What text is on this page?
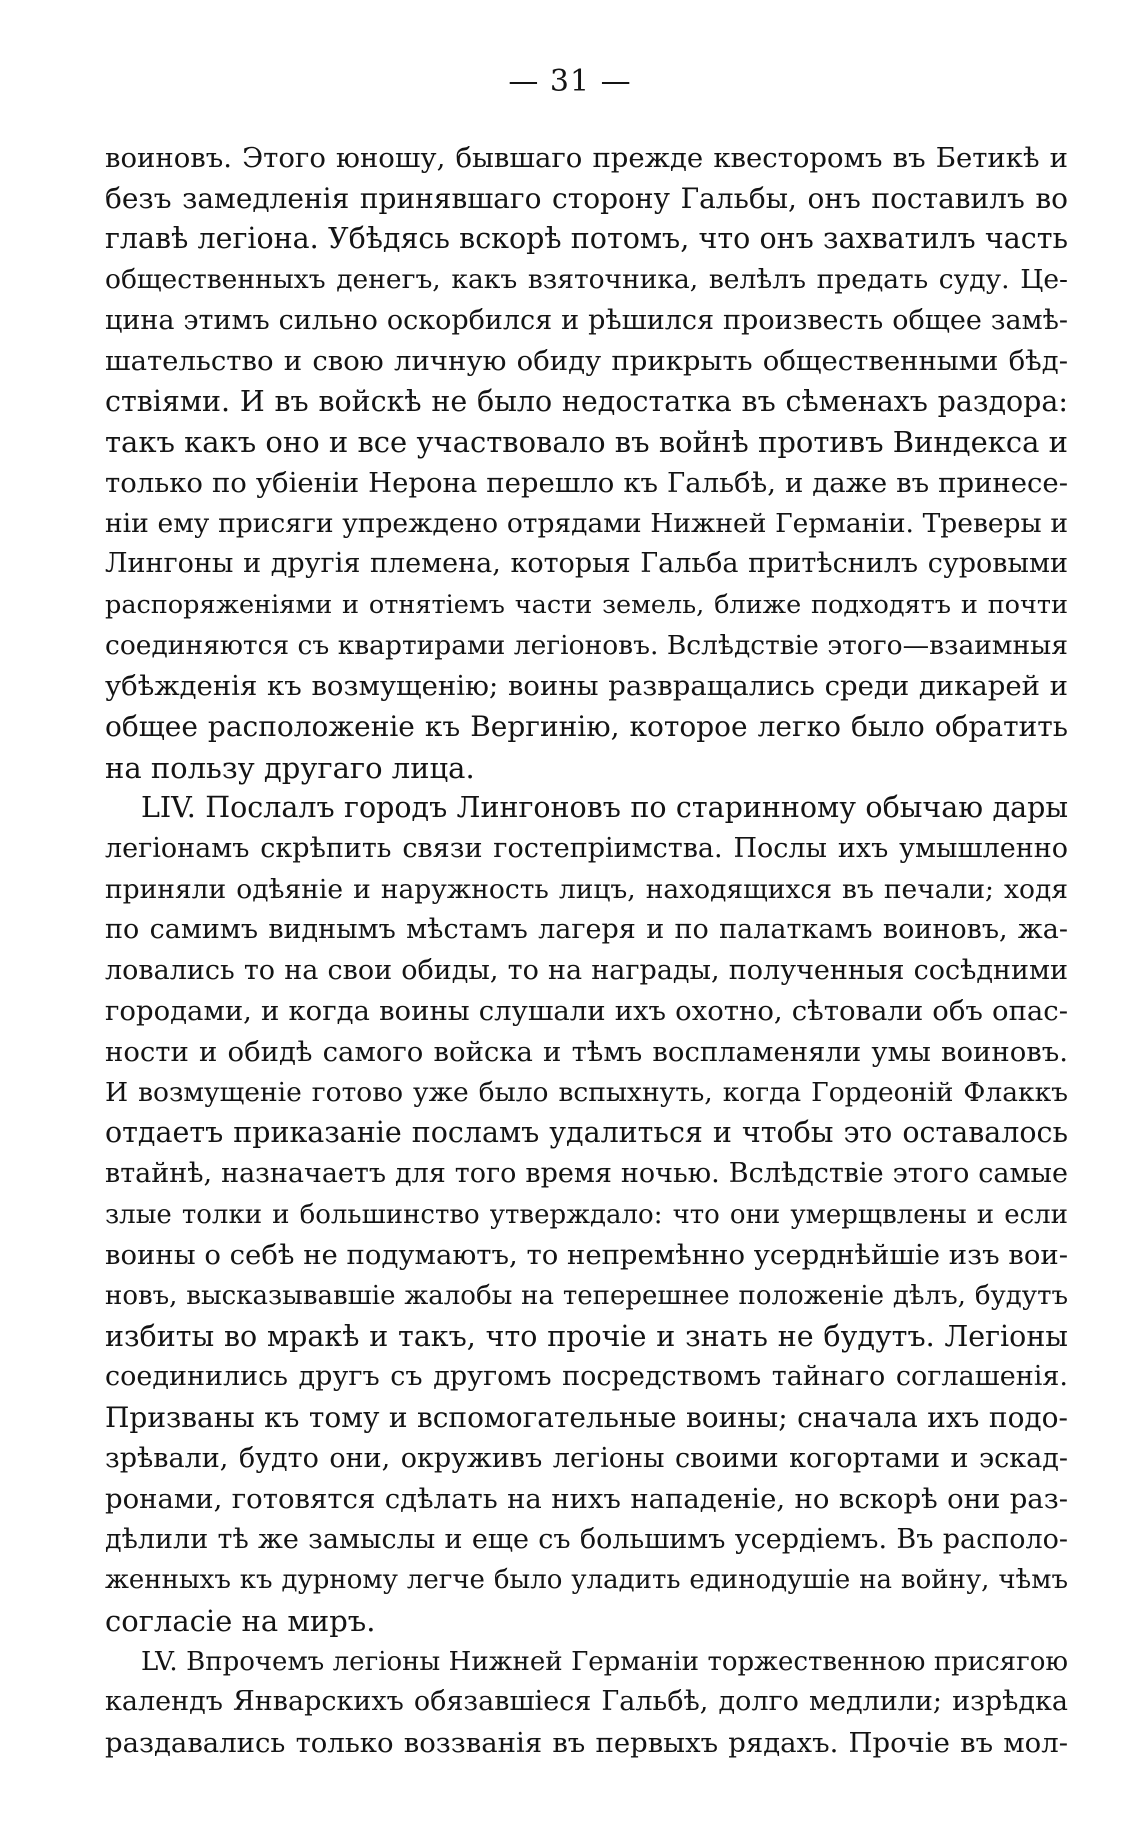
— 31 —
воиновъ. Этого юношу, бывшаго прежде квесторомъ въ Бетикѣ и
безъ замедленія принявшаго сторону Гальбы, онъ поставилъ во
главѣ легіона. Убѣдясь вскорѣ потомъ, что онъ захватилъ часть
общественныхъ денегъ, какъ взяточника, велѣлъ предать суду. Це-
цина этимъ сильно оскорбился и рѣшился произвесть общее замѣ-
шательство и свою личную обиду прикрыть общественными бѣд-
ствіями. И въ войскѣ не было недостатка въ сѣменахъ раздора:
такъ какъ оно и все участвовало въ войнѣ противъ Виндекса и
только по убіеніи Нерона перешло къ Гальбѣ, и даже въ принесе-
ніи ему присяги упреждено отрядами Нижней Германіи. Треверы и
Лингоны и другія племена, которыя Гальба притѣснилъ суровыми
распоряженіями и отнятіемъ части земель, ближе подходятъ и почти
соединяются съ квартирами легіоновъ. Вслѣдствіе этого—взаимныя
убѣжденія къ возмущенію; воины развращались среди дикарей и
общее расположеніе къ Вергинію, которое легко было обратить
на пользу другаго лица.
LIV. Послалъ городъ Лингоновъ по старинному обычаю дары
легіонамъ скрѣпить связи гостепріимства. Послы ихъ умышленно
приняли одѣяніе и наружность лицъ, находящихся въ печали; ходя
по самимъ виднымъ мѣстамъ лагеря и по палаткамъ воиновъ, жа-
ловались то на свои обиды, то на награды, полученныя сосѣдними
городами, и когда воины слушали ихъ охотно, сѣтовали объ опас-
ности и обидѣ самого войска и тѣмъ воспламеняли умы воиновъ.
И возмущеніе готово уже было вспыхнуть, когда Гордеоній Флаккъ
отдаетъ приказаніе посламъ удалиться и чтобы это оставалось
втайнѣ, назначаетъ для того время ночью. Вслѣдствіе этого самые
злые толки и большинство утверждало: что они умерщвлены и если
воины о себѣ не подумаютъ, то непремѣнно усерднѣйшіе изъ вои-
новъ, высказывавшіе жалобы на теперешнее положеніе дѣлъ, будутъ
избиты во мракѣ и такъ, что прочіе и знать не будутъ. Легіоны
соединились другъ съ другомъ посредствомъ тайнаго соглашенія.
Призваны къ тому и вспомогательные воины; сначала ихъ подо-
зрѣвали, будто они, окруживъ легіоны своими когортами и эскад-
ронами, готовятся сдѣлать на нихъ нападеніе, но вскорѣ они раз-
дѣлили тѣ же замыслы и еще съ большимъ усердіемъ. Въ располо-
женныхъ къ дурному легче было уладить единодушіе на войну, чѣмъ
согласіе на миръ.
LV. Впрочемъ легіоны Нижней Германіи торжественною присягою
календъ Январскихъ обязавшіеся Гальбѣ, долго медлили; изрѣдка
раздавались только воззванія въ первыхъ рядахъ. Прочіе въ мол-
